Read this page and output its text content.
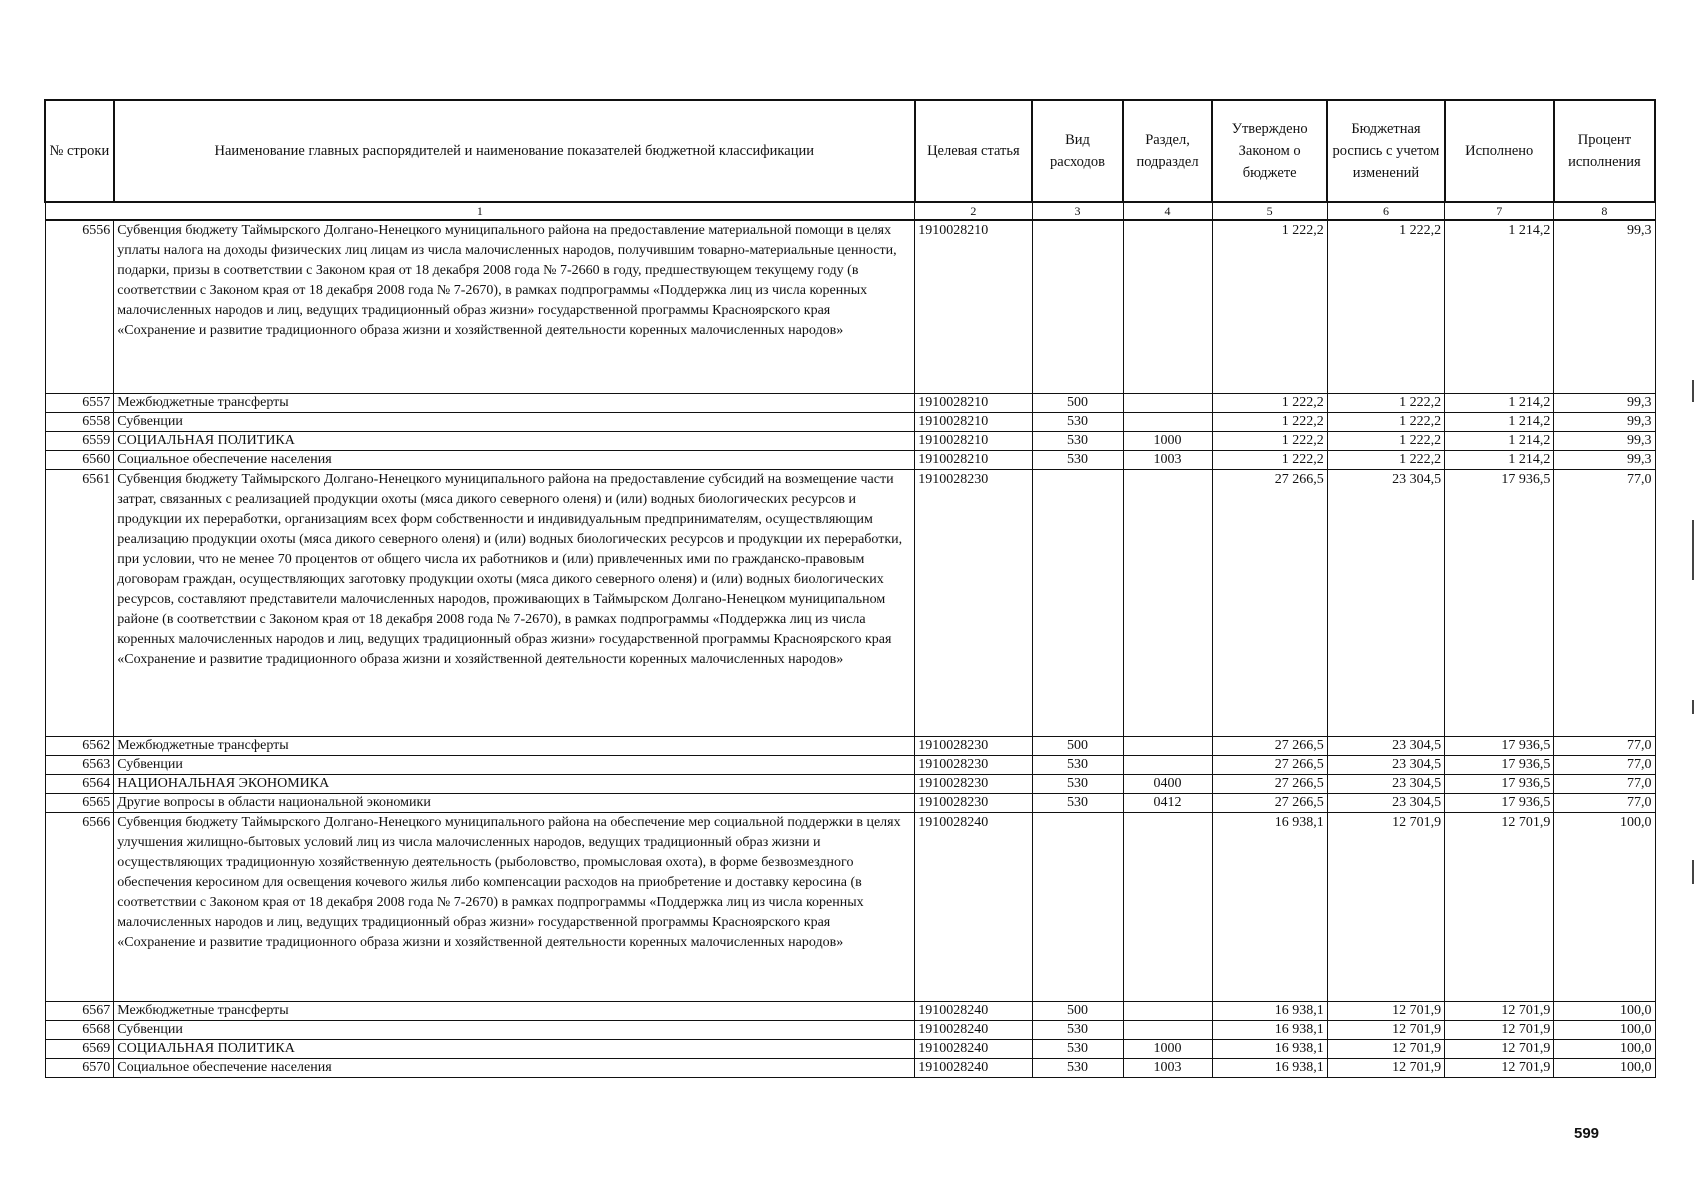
№ строки	Наименование главных распорядителей и наименование показателей бюджетной классификации	Целевая статья	Вид расходов	Раздел, подраздел	Утверждено Законом о бюджете	Бюджетная роспись с учетом изменений	Исполнено	Процент исполнения
1		2	3	4	5	6	7	8
6556	Субвенция бюджету Таймырского Долгано-Ненецкого муниципального района на предоставление материальной помощи в целях уплаты налога на доходы физических лиц лицам из числа малочисленных народов, получившим товарно-материальные ценности, подарки, призы в соответствии с Законом края от 18 декабря 2008 года № 7-2660 в году, предшествующем текущему году (в соответствии с Законом края от 18 декабря 2008 года № 7-2670), в рамках подпрограммы «Поддержка лиц из числа коренных малочисленных народов и лиц, ведущих традиционный образ жизни» государственной программы Красноярского края «Сохранение и развитие традиционного образа жизни и хозяйственной деятельности коренных малочисленных народов»	1910028210			1 222,2	1 222,2	1 214,2	99,3
6557	Межбюджетные трансферты	1910028210	500		1 222,2	1 222,2	1 214,2	99,3
6558	Субвенции	1910028210	530		1 222,2	1 222,2	1 214,2	99,3
6559	СОЦИАЛЬНАЯ ПОЛИТИКА	1910028210	530	1000	1 222,2	1 222,2	1 214,2	99,3
6560	Социальное обеспечение населения	1910028210	530	1003	1 222,2	1 222,2	1 214,2	99,3
6561	Субвенция бюджету Таймырского Долгано-Ненецкого муниципального района на предоставление субсидий на возмещение части затрат, связанных с реализацией продукции охоты (мяса дикого северного оленя) и (или) водных биологических ресурсов и продукции их переработки, организациям всех форм собственности и индивидуальным предпринимателям, осуществляющим реализацию продукции охоты (мяса дикого северного оленя) и (или) водных биологических ресурсов и продукции их переработки, при условии, что не менее 70 процентов от общего числа их работников и (или) привлеченных ими по гражданско-правовым договорам граждан, осуществляющих заготовку продукции охоты (мяса дикого северного оленя) и (или) водных биологических ресурсов, составляют представители малочисленных народов, проживающих в Таймырском Долгано-Ненецком муниципальном районе (в соответствии с Законом края от 18 декабря 2008 года № 7-2670), в рамках подпрограммы «Поддержка лиц из числа коренных малочисленных народов и лиц, ведущих традиционный образ жизни» государственной программы Красноярского края «Сохранение и развитие традиционного образа жизни и хозяйственной деятельности коренных малочисленных народов»	1910028230			27 266,5	23 304,5	17 936,5	77,0
6562	Межбюджетные трансферты	1910028230	500		27 266,5	23 304,5	17 936,5	77,0
6563	Субвенции	1910028230	530		27 266,5	23 304,5	17 936,5	77,0
6564	НАЦИОНАЛЬНАЯ ЭКОНОМИКА	1910028230	530	0400	27 266,5	23 304,5	17 936,5	77,0
6565	Другие вопросы в области национальной экономики	1910028230	530	0412	27 266,5	23 304,5	17 936,5	77,0
6566	Субвенция бюджету Таймырского Долгано-Ненецкого муниципального района на обеспечение мер социальной поддержки в целях улучшения жилищно-бытовых условий лиц из числа малочисленных народов, ведущих традиционный образ жизни и осуществляющих традиционную хозяйственную деятельность (рыболовство, промысловая охота), в форме безвозмездного обеспечения керосином для освещения кочевого жилья либо компенсации расходов на приобретение и доставку керосина (в соответствии с Законом края от 18 декабря 2008 года № 7-2670) в рамках подпрограммы «Поддержка лиц из числа коренных малочисленных народов и лиц, ведущих традиционный образ жизни» государственной программы Красноярского края «Сохранение и развитие традиционного образа жизни и хозяйственной деятельности коренных малочисленных народов»	1910028240			16 938,1	12 701,9	12 701,9	100,0
6567	Межбюджетные трансферты	1910028240	500		16 938,1	12 701,9	12 701,9	100,0
6568	Субвенции	1910028240	530		16 938,1	12 701,9	12 701,9	100,0
6569	СОЦИАЛЬНАЯ ПОЛИТИКА	1910028240	530	1000	16 938,1	12 701,9	12 701,9	100,0
6570	Социальное обеспечение населения	1910028240	530	1003	16 938,1	12 701,9	12 701,9	100,0
599
